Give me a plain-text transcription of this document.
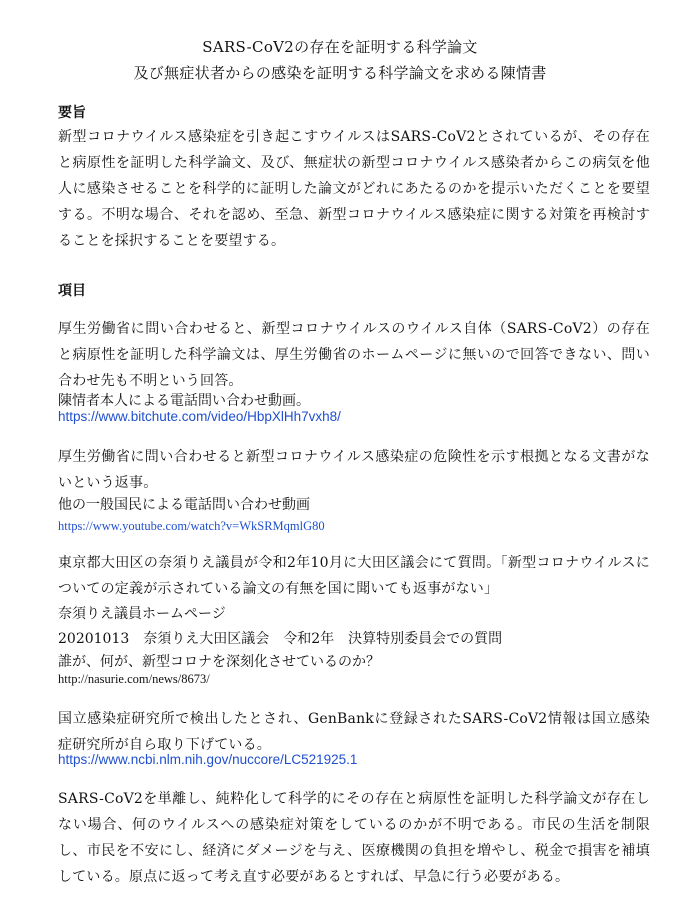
SARS-CoV2の存在を証明する科学論文
及び無症状者からの感染を証明する科学論文を求める陳情書
要旨

新型コロナウイルス感染症を引き起こすウイルスはSARS-CoV2とされているが、その存在と病原性を証明した科学論文、及び、無症状の新型コロナウイルス感染者からこの病気を他人に感染させることを科学的に証明した論文がどれにあたるのかを提示いただくことを要望する。不明な場合、それを認め、至急、新型コロナウイルス感染症に関する対策を再検討することを採択することを要望する。

項目

厚生労働省に問い合わせると、新型コロナウイルスのウイルス自体（SARS-CoV2）の存在と病原性を証明した科学論文は、厚生労働省のホームページに無いので回答できない、問い合わせ先も不明という回答。

陳情者本人による電話問い合わせ動画。
https://www.bitchute.com/video/HbpXlHh7vxh8/

厚生労働省に問い合わせると新型コロナウイルス感染症の危険性を示す根拠となる文書がないという返事。

他の一般国民による電話問い合わせ動画
https://www.youtube.com/watch?v=WkSRMqmlG80

東京都大田区の奈須りえ議員が令和2年10月に大田区議会にて質問。「新型コロナウイルスについての定義が示されている論文の有無を国に聞いても返事がない」

奈須りえ議員ホームページ
20201013　奈須りえ大田区議会　令和2年　決算特別委員会での質問
誰が、何が、新型コロナを深刻化させているのか？
http://nasurie.com/news/8673/

国立感染症研究所で検出したとされ、GenBankに登録されたSARS-CoV2情報は国立感染症研究所が自ら取り下げている。

https://www.ncbi.nlm.nih.gov/nuccore/LC521925.1

SARS-CoV2を単離し、純粋化して科学的にその存在と病原性を証明した科学論文が存在しない場合、何のウイルスへの感染症対策をしているのかが不明である。市民の生活を制限し、市民を不安にし、経済にダメージを与え、医療機関の負担を増やし、税金で損害を補填している。原点に返って考え直す必要があるとすれば、早急に行う必要がある。
